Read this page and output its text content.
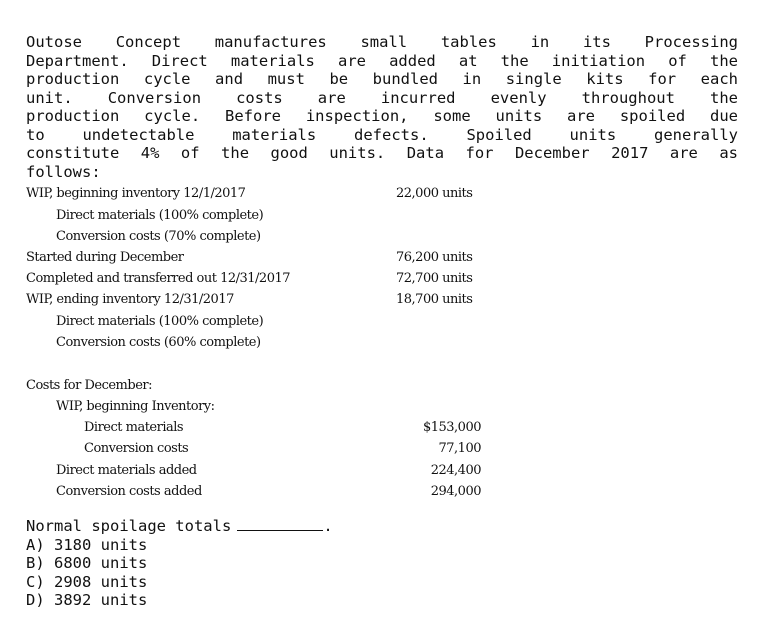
Outose Concept manufactures small tables in its Processing
Department. Direct materials are added at the initiation of the
production cycle and must be bundled in single kits for each
unit. Conversion costs are incurred evenly throughout the
production cycle. Before inspection, some units are spoiled due
to undetectable materials defects. Spoiled units generally
constitute 4% of the good units. Data for December 2017 are as
follows:
WIP, beginning inventory 12/1/2017	22,000 units
Direct materials (100% complete)
Conversion costs (70% complete)
Started during December	76,200 units
Completed and transferred out 12/31/2017	72,700 units
WIP, ending inventory 12/31/2017	18,700 units
Direct materials (100% complete)
Conversion costs (60% complete)
Costs for December:
WIP, beginning Inventory:
Direct materials	$153,000
Conversion costs	77,100
Direct materials added	224,400
Conversion costs added	294,000
Normal spoilage totals	.
A) 3180 units
B) 6800 units
C) 2908 units
D) 3892 units
